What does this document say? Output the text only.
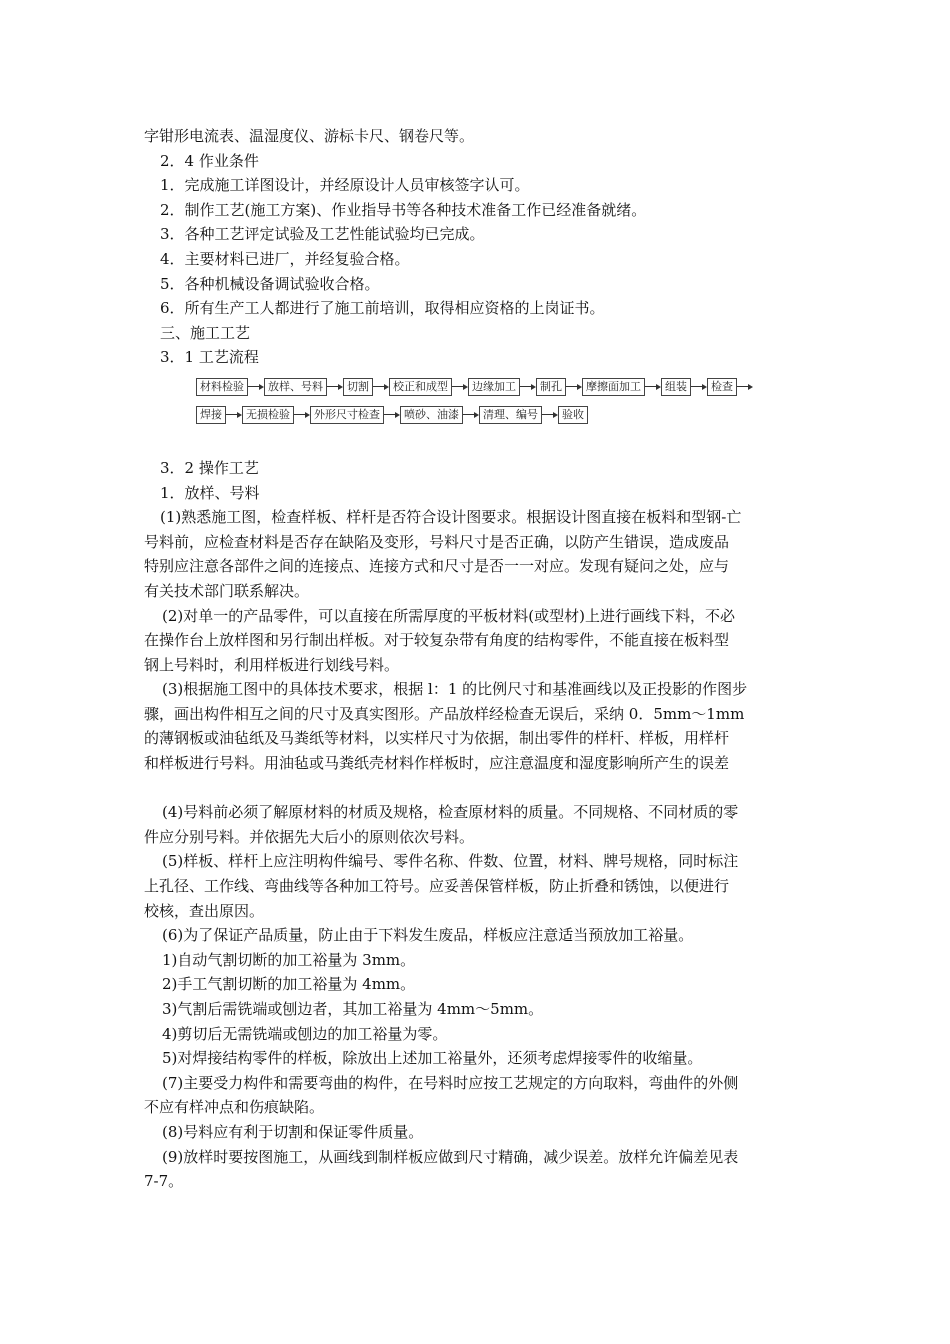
字钳形电流表、温湿度仪、游标卡尺、钢卷尺等。
2．4 作业条件
1．完成施工详图设计，并经原设计人员审核签字认可。
2．制作工艺(施工方案)、作业指导书等各种技术准备工作已经准备就绪。
3．各种工艺评定试验及工艺性能试验均已完成。
4．主要材料已进厂，并经复验合格。
5．各种机械设备调试验收合格。
6．所有生产工人都进行了施工前培训，取得相应资格的上岗证书。
三、施工工艺
3．1 工艺流程
材料检验	放样、号料	切割	校正和成型	边缘加工	制孔	摩擦面加工	组装	检查
焊接	无损检验	外形尺寸检查	喷砂、油漆	清理、编号	验收
3．2 操作工艺
1．放样、号料
(1)熟悉施工图，检查样板、样杆是否符合设计图要求。根据设计图直接在板料和型钢-亡
号料前，应检查材料是否存在缺陷及变形，号料尺寸是否正确，以防产生错误，造成废品
特别应注意各部件之间的连接点、连接方式和尺寸是否一一对应。发现有疑问之处，应与
有关技术部门联系解决。
(2)对单一的产品零件，可以直接在所需厚度的平板材料(或型材)上进行画线下料，不必
在操作台上放样图和另行制出样板。对于较复杂带有角度的结构零件，不能直接在板料型
钢上号料时，利用样板进行划线号料。
(3)根据施工图中的具体技术要求，根据 l：1 的比例尺寸和基准画线以及正投影的作图步
骤，画出构件相互之间的尺寸及真实图形。产品放样经检查无误后，采纳 0．5mm～1mm
的薄钢板或油毡纸及马粪纸等材料，以实样尺寸为依据，制出零件的样杆、样板，用样杆
和样板进行号料。用油毡或马粪纸壳材料作样板时，应注意温度和湿度影响所产生的误差
(4)号料前必须了解原材料的材质及规格，检查原材料的质量。不同规格、不同材质的零
件应分别号料。并依据先大后小的原则依次号料。
(5)样板、样杆上应注明构件编号、零件名称、件数、位置，材料、牌号规格，同时标注
上孔径、工作线、弯曲线等各种加工符号。应妥善保管样板，防止折叠和锈蚀，以便进行
校核，查出原因。
(6)为了保证产品质量，防止由于下料发生废品，样板应注意适当预放加工裕量。
1)自动气割切断的加工裕量为 3mm。
2)手工气割切断的加工裕量为 4mm。
3)气割后需铣端或刨边者，其加工裕量为 4mm～5mm。
4)剪切后无需铣端或刨边的加工裕量为零。
5)对焊接结构零件的样板，除放出上述加工裕量外，还须考虑焊接零件的收缩量。
(7)主要受力构件和需要弯曲的构件，在号料时应按工艺规定的方向取料，弯曲件的外侧
不应有样冲点和伤痕缺陷。
(8)号料应有利于切割和保证零件质量。
(9)放样时要按图施工，从画线到制样板应做到尺寸精确，减少误差。放样允许偏差见表
7-7。
